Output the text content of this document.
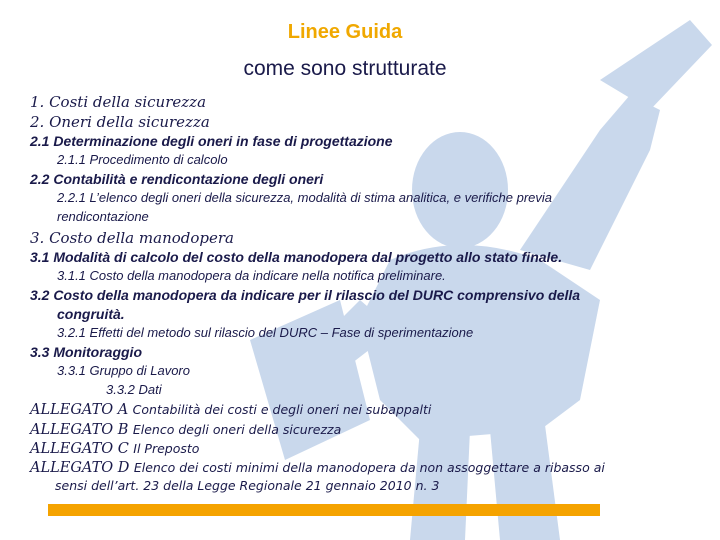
Linee Guida
come sono strutturate
1. Costi della sicurezza
2. Oneri della sicurezza
2.1 Determinazione degli oneri in fase di progettazione
2.1.1 Procedimento di calcolo
2.2 Contabilità e rendicontazione degli oneri
2.2.1 L’elenco degli oneri della sicurezza, modalità di stima analitica, e verifiche previa
rendicontazione
3. Costo della manodopera
3.1 Modalità di calcolo del costo della manodopera dal progetto allo stato finale.
3.1.1 Costo della manodopera da indicare nella notifica preliminare.
3.2 Costo della manodopera da indicare per il rilascio del DURC comprensivo della
congruità.
3.2.1 Effetti del metodo sul rilascio del DURC – Fase di sperimentazione
3.3 Monitoraggio
3.3.1 Gruppo di Lavoro
3.3.2 Dati
ALLEGATO A Contabilità dei costi e degli oneri nei subappalti
ALLEGATO B Elenco degli oneri della sicurezza
ALLEGATO C Il Preposto
ALLEGATO D Elenco dei costi minimi della manodopera da non assoggettare a ribasso ai
sensi dell’art. 23 della Legge Regionale 21 gennaio 2010 n. 3
